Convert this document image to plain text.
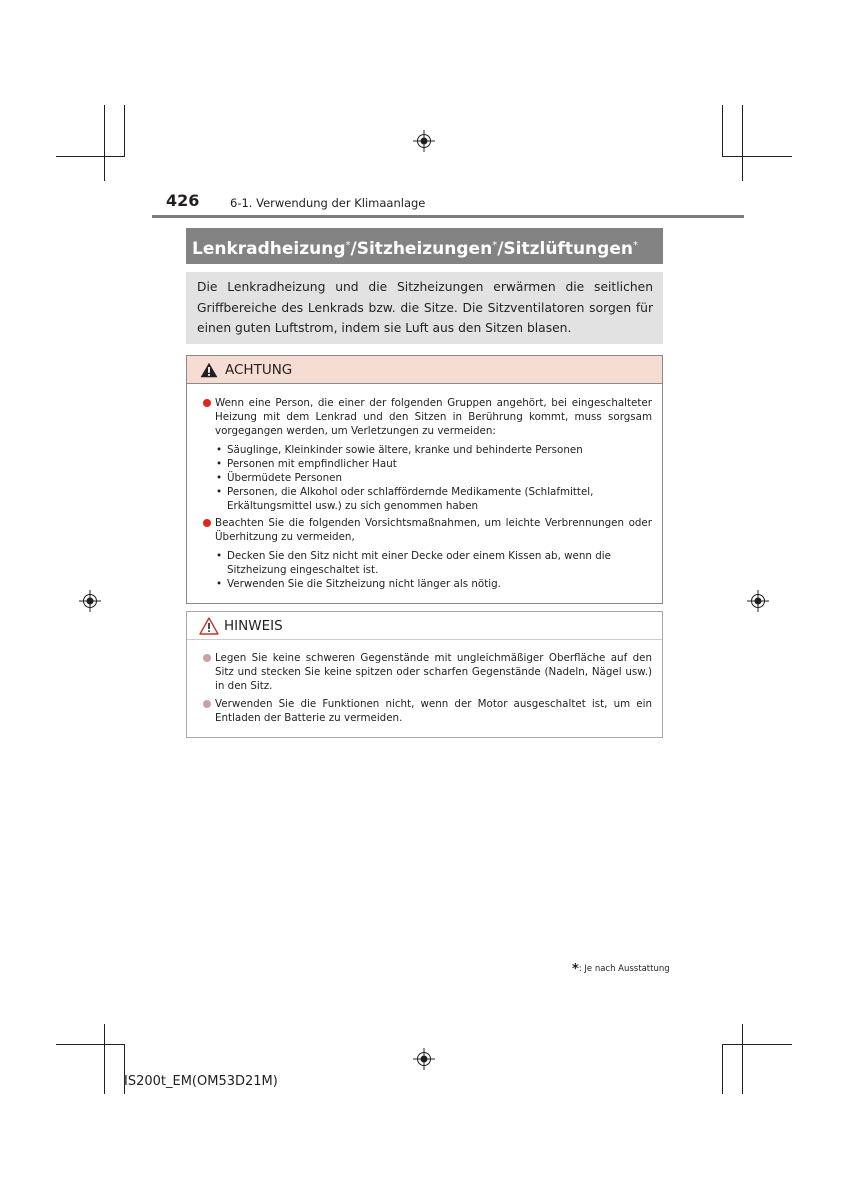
426	6-1. Verwendung der Klimaanlage
Lenkradheizung*/Sitzheizungen*/Sitzlüftungen*
Die Lenkradheizung und die Sitzheizungen erwärmen die seitlichen Griffbereiche des Lenkrads bzw. die Sitze. Die Sitzventilatoren sorgen für einen guten Luftstrom, indem sie Luft aus den Sitzen blasen.
ACHTUNG
Wenn eine Person, die einer der folgenden Gruppen angehört, bei eingeschalteter Heizung mit dem Lenkrad und den Sitzen in Berührung kommt, muss sorgsam vorgegangen werden, um Verletzungen zu vermeiden:
• Säuglinge, Kleinkinder sowie ältere, kranke und behinderte Personen
• Personen mit empfindlicher Haut
• Übermüdete Personen
• Personen, die Alkohol oder schlaffördernde Medikamente (Schlafmittel, Erkältungsmittel usw.) zu sich genommen haben
Beachten Sie die folgenden Vorsichtsmaßnahmen, um leichte Verbrennungen oder Überhitzung zu vermeiden,
• Decken Sie den Sitz nicht mit einer Decke oder einem Kissen ab, wenn die Sitzheizung eingeschaltet ist.
• Verwenden Sie die Sitzheizung nicht länger als nötig.
HINWEIS
Legen Sie keine schweren Gegenstände mit ungleichmäßiger Oberfläche auf den Sitz und stecken Sie keine spitzen oder scharfen Gegenstände (Nadeln, Nägel usw.) in den Sitz.
Verwenden Sie die Funktionen nicht, wenn der Motor ausgeschaltet ist, um ein Entladen der Batterie zu vermeiden.
*: Je nach Ausstattung
IS200t_EM(OM53D21M)
